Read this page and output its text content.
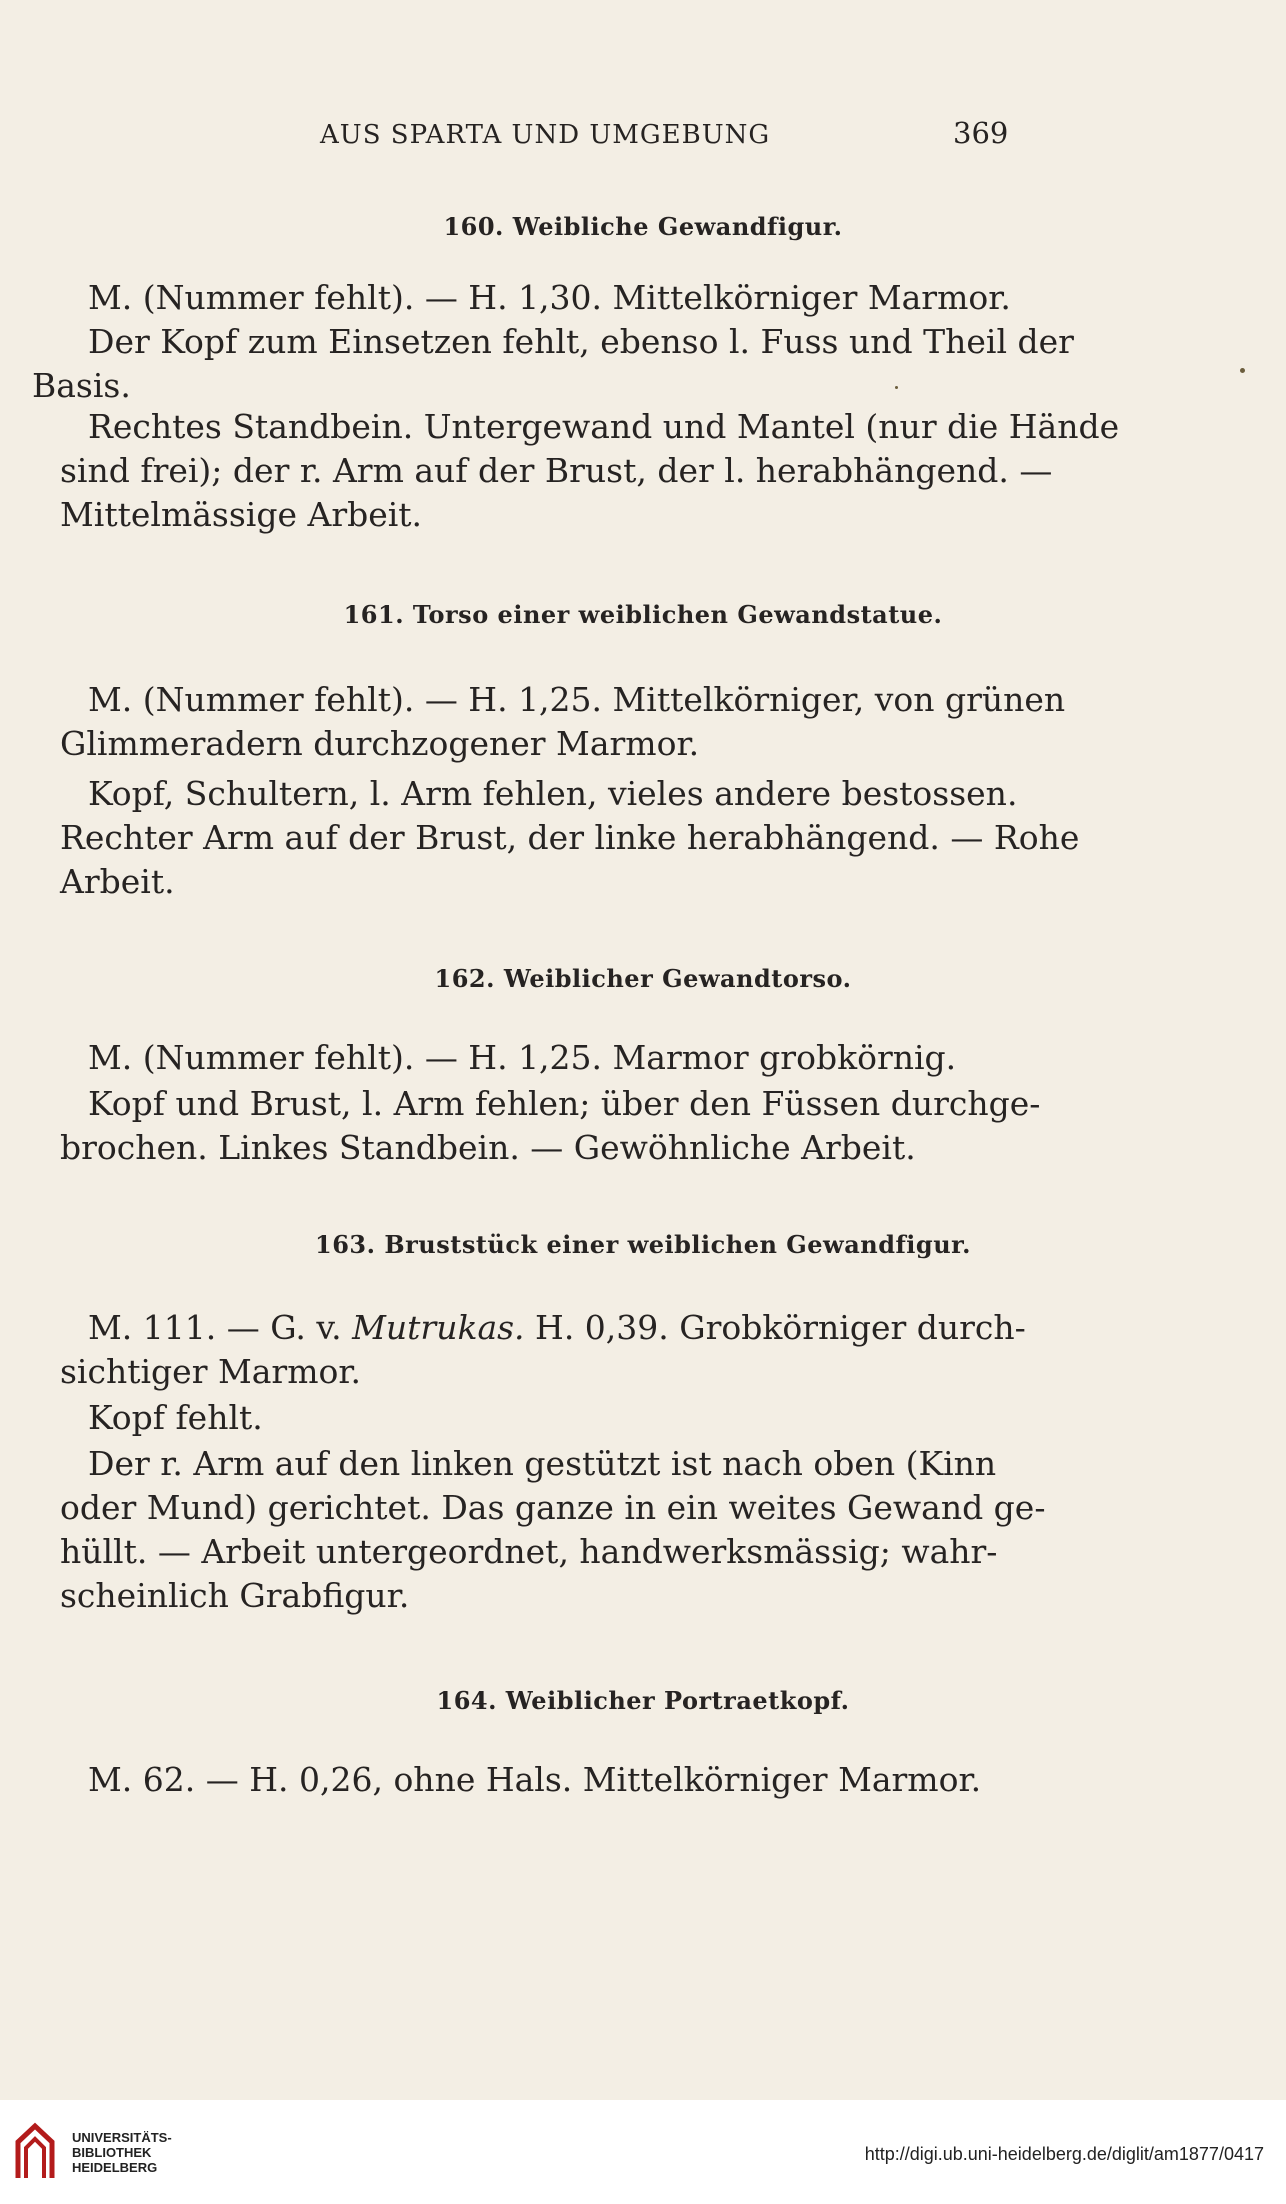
AUS SPARTA UND UMGEBUNG	369
160. Weibliche Gewandfigur.

M. (Nummer fehlt). — H. 1,30. Mittelkörniger Marmor.

Der Kopf zum Einsetzen fehlt, ebenso l. Fuss und Theil der
Basis.

Rechtes Standbein. Untergewand und Mantel (nur die Hände
sind frei); der r. Arm auf der Brust, der l. herabhängend. —
Mittelmässige Arbeit.

161. Torso einer weiblichen Gewandstatue.

M. (Nummer fehlt). — H. 1,25. Mittelkörniger, von grünen
Glimmeradern durchzogener Marmor.

Kopf, Schultern, l. Arm fehlen, vieles andere bestossen.
Rechter Arm auf der Brust, der linke herabhängend. — Rohe
Arbeit.

162. Weiblicher Gewandtorso.

M. (Nummer fehlt). — H. 1,25. Marmor grobkörnig.

Kopf und Brust, l. Arm fehlen; über den Füssen durchge-
brochen. Linkes Standbein. — Gewöhnliche Arbeit.

163. Bruststück einer weiblichen Gewandfigur.

M. 111. — G. v. Mutrukas. H. 0,39. Grobkörniger durch-
sichtiger Marmor.

Kopf fehlt.

Der r. Arm auf den linken gestützt ist nach oben (Kinn
oder Mund) gerichtet. Das ganze in ein weites Gewand ge-
hüllt. — Arbeit untergeordnet, handwerksmässig; wahr-
scheinlich Grabfigur.

164. Weiblicher Portraetkopf.

M. 62. — H. 0,26, ohne Hals. Mittelkörniger Marmor.

UNIVERSITÄTS-
BIBLIOTHEK
HEIDELBERG
http://digi.ub.uni-heidelberg.de/diglit/am1877/0417
